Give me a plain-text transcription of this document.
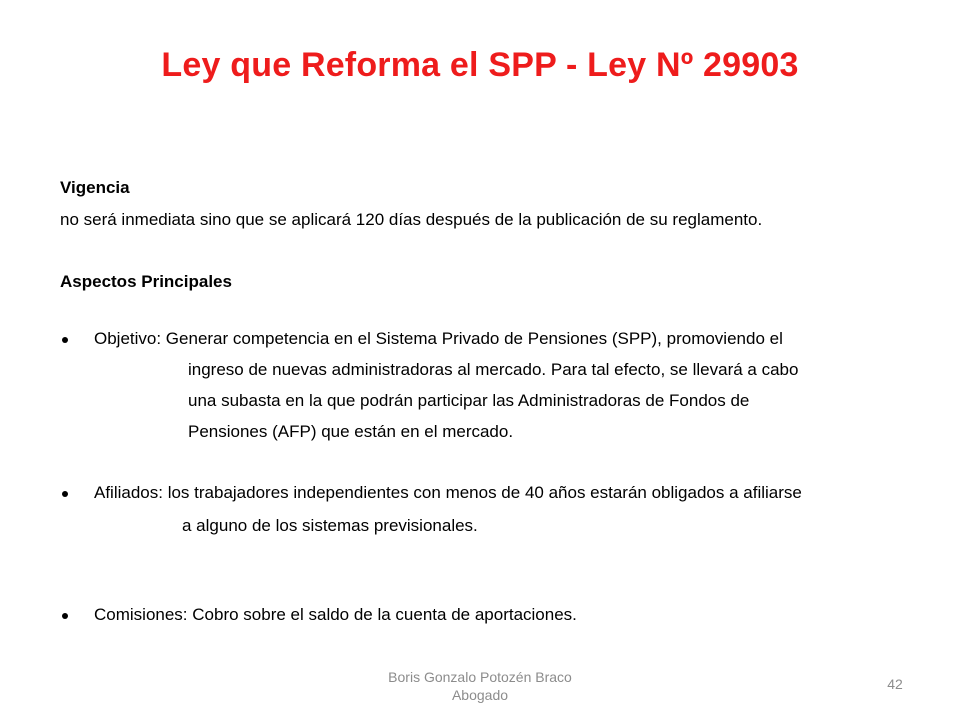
Ley que Reforma el SPP - Ley Nº 29903
Vigencia
no será inmediata sino que se aplicará 120 días después de la publicación de su reglamento.
Aspectos Principales
Objetivo: Generar competencia en el Sistema Privado de Pensiones (SPP), promoviendo el
ingreso de nuevas administradoras al mercado. Para tal efecto, se llevará a cabo
una subasta en la que podrán participar las Administradoras de Fondos de
Pensiones (AFP) que están en el mercado.
Afiliados: los trabajadores independientes con menos de 40 años estarán obligados a afiliarse
a alguno de los sistemas previsionales.
Comisiones: Cobro sobre el saldo de la cuenta de aportaciones.
Boris Gonzalo Potozén Braco
Abogado
42
